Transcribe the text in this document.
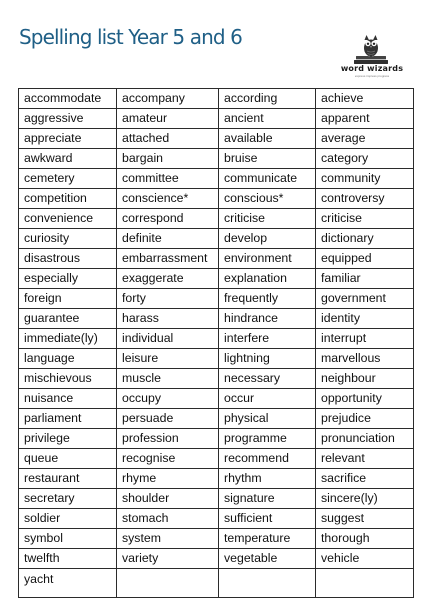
Spelling list Year 5 and 6
word wizards
express impress progress
accommodate	accompany	according	achieve
aggressive	amateur	ancient	apparent
appreciate	attached	available	average
awkward	bargain	bruise	category
cemetery	committee	communicate	community
competition	conscience*	conscious*	controversy
convenience	correspond	criticise	criticise
curiosity	definite	develop	dictionary
disastrous	embarrassment	environment	equipped
especially	exaggerate	explanation	familiar
foreign	forty	frequently	government
guarantee	harass	hindrance	identity
immediate(ly)	individual	interfere	interrupt
language	leisure	lightning	marvellous
mischievous	muscle	necessary	neighbour
nuisance	occupy	occur	opportunity
parliament	persuade	physical	prejudice
privilege	profession	programme	pronunciation
queue	recognise	recommend	relevant
restaurant	rhyme	rhythm	sacrifice
secretary	shoulder	signature	sincere(ly)
soldier	stomach	sufficient	suggest
symbol	system	temperature	thorough
twelfth	variety	vegetable	vehicle
yacht			
